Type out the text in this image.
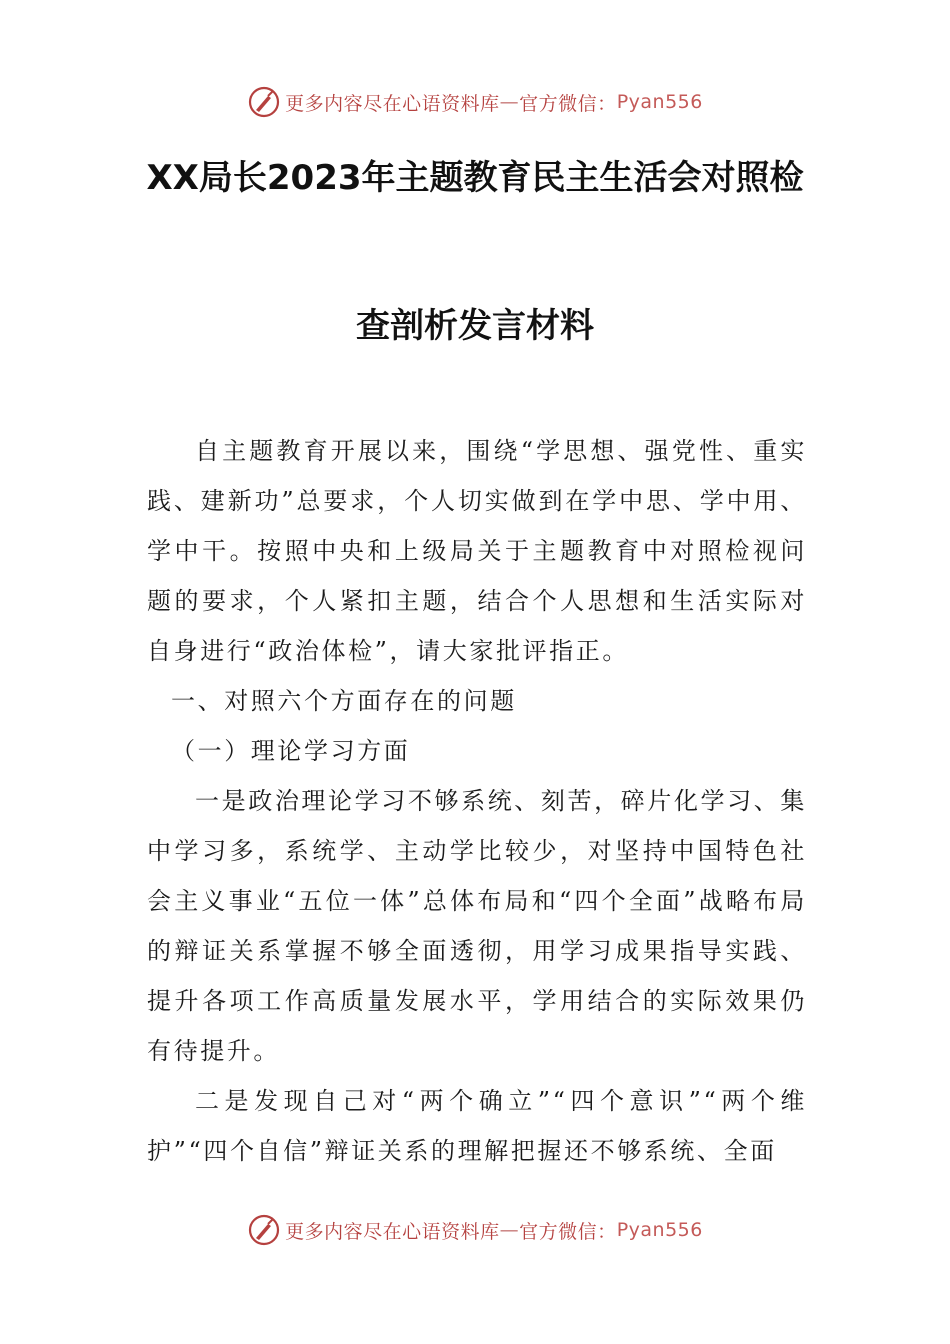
更多内容尽在心语资料库 — 官方微信： Pyan556
XX局长2023年主题教育民主生活会对照检
查剖析发言材料

自主题教育开展以来，围绕“学思想、强党性、重实践、建新功”总要求，个人切实做到在学中思、学中用、学中干。按照中央和上级局关于主题教育中对照检视问题的要求，个人紧扣主题，结合个人思想和生活实际对自身进行“政治体检”，请大家批评指正。

一、对照六个方面存在的问题

（一）理论学习方面

一是政治理论学习不够系统、刻苦，碎片化学习、集中学习多，系统学、主动学比较少，对坚持中国特色社会主义事业“五位一体”总体布局和“四个全面”战略布局的辩证关系掌握不够全面透彻，用学习成果指导实践、提升各项工作高质量发展水平，学用结合的实际效果仍有待提升。

二是发现自己对“两个确立”“四个意识”“两个维护”“四个自信”辩证关系的理解把握还不够系统、全面

更多内容尽在心语资料库 — 官方微信： Pyan556
